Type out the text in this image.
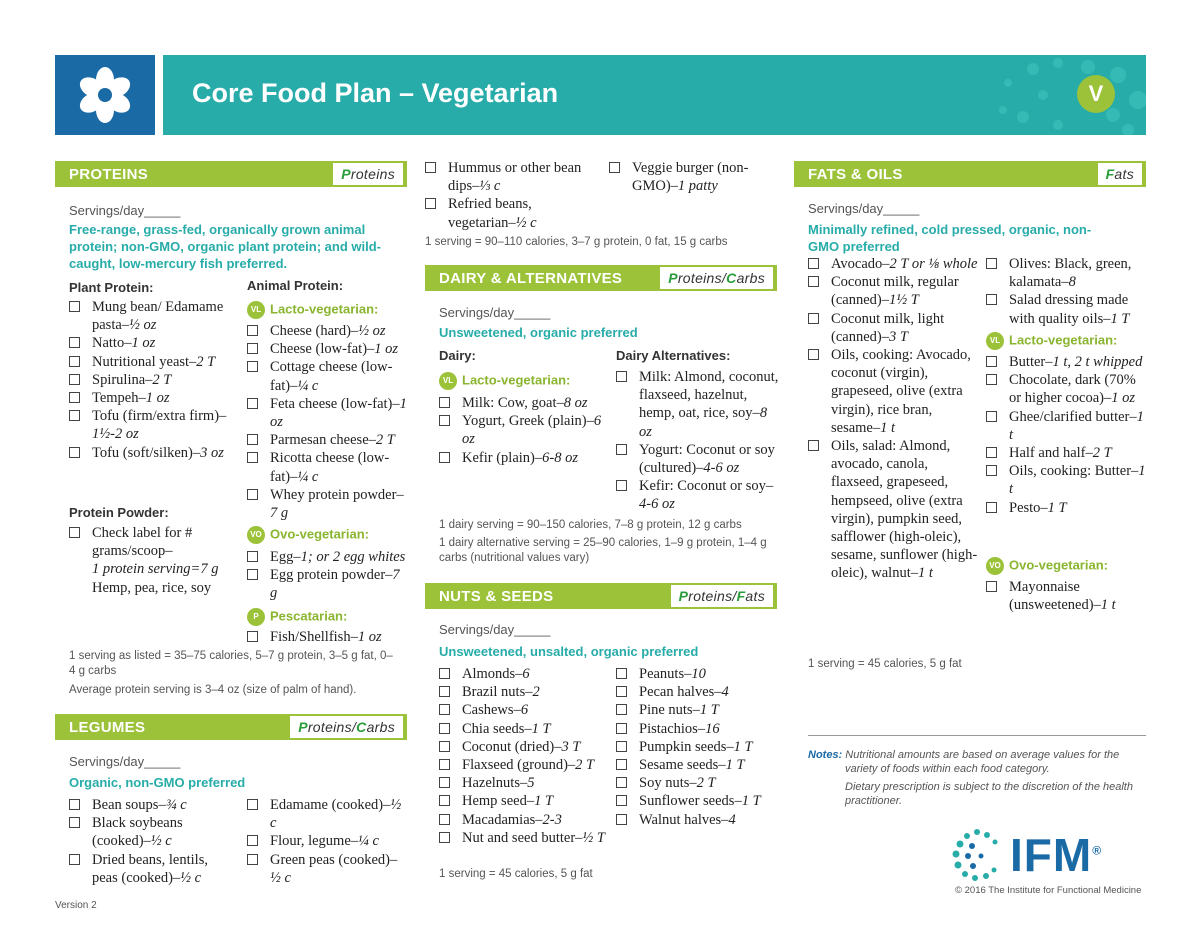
Core Food Plan – Vegetarian	V
PROTEINS	Proteins
Servings/day_____
Free-range, grass-fed, organically grown animal protein; non-GMO, organic plant protein; and wild-caught, low-mercury fish preferred.
Plant Protein:
Mung bean/ Edamame pasta–½ oz
Natto–1 oz
Nutritional yeast–2 T
Spirulina–2 T
Tempeh–1 oz
Tofu (firm/extra firm)–1½-2 oz
Tofu (soft/silken)–3 oz
Protein Powder:
Check label for # grams/scoop–
1 protein serving=7 g
Hemp, pea, rice, soy
Animal Protein:
VL Lacto-vegetarian:
Cheese (hard)–½ oz
Cheese (low-fat)–1 oz
Cottage cheese (low-fat)–¼ c
Feta cheese (low-fat)–1 oz
Parmesan cheese–2 T
Ricotta cheese (low-fat)–¼ c
Whey protein powder–7 g
VO Ovo-vegetarian:
Egg–1; or 2 egg whites
Egg protein powder–7 g
P Pescatarian:
Fish/Shellfish–1 oz
1 serving as listed = 35–75 calories, 5–7 g protein, 3–5 g fat, 0–4 g carbs
Average protein serving is 3–4 oz (size of palm of hand).
LEGUMES	Proteins/Carbs
Servings/day_____
Organic, non-GMO preferred
Bean soups–¾ c
Black soybeans (cooked)–½ c
Dried beans, lentils, peas (cooked)–½ c
Edamame (cooked)–½ c
Flour, legume–¼ c
Green peas (cooked)–½ c
Hummus or other bean dips–⅓ c
Refried beans, vegetarian–½ c
Veggie burger (non-GMO)–1 patty
1 serving = 90–110 calories, 3–7 g protein, 0 fat, 15 g carbs
DAIRY & ALTERNATIVES	Proteins/Carbs
Servings/day_____
Unsweetened, organic preferred
Dairy:
VL Lacto-vegetarian:
Milk: Cow, goat–8 oz
Yogurt, Greek (plain)–6 oz
Kefir (plain)–6-8 oz
Dairy Alternatives:
Milk: Almond, coconut, flaxseed, hazelnut, hemp, oat, rice, soy–8 oz
Yogurt: Coconut or soy (cultured)–4-6 oz
Kefir: Coconut or soy–4-6 oz
1 dairy serving = 90–150 calories, 7–8 g protein, 12 g carbs
1 dairy alternative serving = 25–90 calories, 1–9 g protein, 1–4 g carbs (nutritional values vary)
NUTS & SEEDS	Proteins/Fats
Servings/day_____
Unsweetened, unsalted, organic preferred
Almonds–6
Brazil nuts–2
Cashews–6
Chia seeds–1 T
Coconut (dried)–3 T
Flaxseed (ground)–2 T
Hazelnuts–5
Hemp seed–1 T
Macadamias–2-3
Nut and seed butter–½ T
Peanuts–10
Pecan halves–4
Pine nuts–1 T
Pistachios–16
Pumpkin seeds–1 T
Sesame seeds–1 T
Soy nuts–2 T
Sunflower seeds–1 T
Walnut halves–4
1 serving = 45 calories, 5 g fat
FATS & OILS	Fats
Servings/day_____
Minimally refined, cold pressed, organic, non-GMO preferred
Avocado–2 T or ⅛ whole
Coconut milk, regular (canned)–1½ T
Coconut milk, light (canned)–3 T
Oils, cooking: Avocado, coconut (virgin), grapeseed, olive (extra virgin), rice bran, sesame–1 t
Oils, salad: Almond, avocado, canola, flaxseed, grapeseed, hempseed, olive (extra virgin), pumpkin seed, safflower (high-oleic), sesame, sunflower (high-oleic), walnut–1 t
Olives: Black, green, kalamata–8
Salad dressing made with quality oils–1 T
VL Lacto-vegetarian:
Butter–1 t, 2 t whipped
Chocolate, dark (70% or higher cocoa)–1 oz
Ghee/clarified butter–1 t
Half and half–2 T
Oils, cooking: Butter–1 t
Pesto–1 T
VO Ovo-vegetarian:
Mayonnaise (unsweetened)–1 t
1 serving = 45 calories, 5 g fat
Notes: Nutritional amounts are based on average values for the variety of foods within each food category.
Dietary prescription is subject to the discretion of the health practitioner.
IFM®
© 2016 The Institute for Functional Medicine
Version 2
